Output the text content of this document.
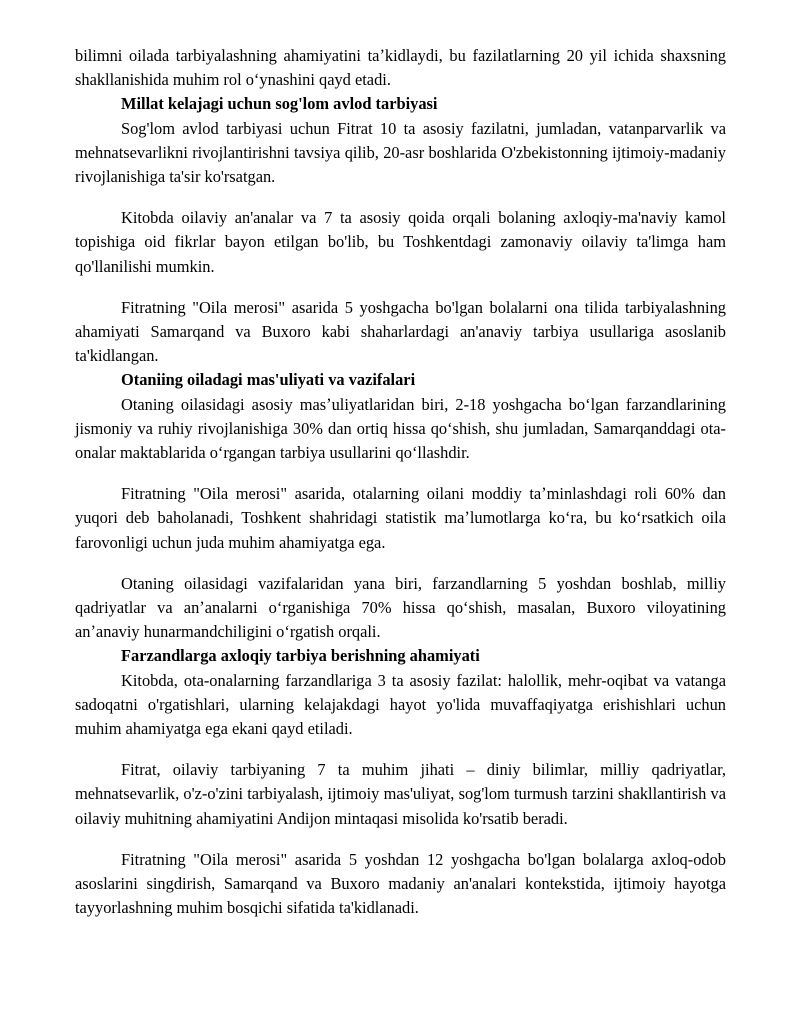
bilimni oilada tarbiyalashning ahamiyatini taʼkidlaydi, bu fazilatlarning 20 yil ichida shaxsning shakllanishida muhim rol oʻynashini qayd etadi.

Millat kelajagi uchun sog'lom avlod tarbiyasi

Sog'lom avlod tarbiyasi uchun Fitrat 10 ta asosiy fazilatni, jumladan, vatanparvarlik va mehnatsevarlikni rivojlantirishni tavsiya qilib, 20-asr boshlarida O'zbekistonning ijtimoiy-madaniy rivojlanishiga ta'sir ko'rsatgan.

Kitobda oilaviy an'analar va 7 ta asosiy qoida orqali bolaning axloqiy-ma'naviy kamol topishiga oid fikrlar bayon etilgan bo'lib, bu Toshkentdagi zamonaviy oilaviy ta'limga ham qo'llanilishi mumkin.

Fitratning "Oila merosi" asarida 5 yoshgacha bo'lgan bolalarni ona tilida tarbiyalashning ahamiyati Samarqand va Buxoro kabi shaharlardagi an'anaviy tarbiya usullariga asoslanib ta'kidlangan.

Otaniing oiladagi mas'uliyati va vazifalari

Otaning oilasidagi asosiy masʼuliyatlaridan biri, 2-18 yoshgacha boʻlgan farzandlarining jismoniy va ruhiy rivojlanishiga 30% dan ortiq hissa qoʻshish, shu jumladan, Samarqanddagi ota-onalar maktablarida oʻrgangan tarbiya usullarini qoʻllashdir.

Fitratning "Oila merosi" asarida, otalarning oilani moddiy taʼminlashdagi roli 60% dan yuqori deb baholanadi, Toshkent shahridagi statistik maʼlumotlarga koʻra, bu koʻrsatkich oila farovonligi uchun juda muhim ahamiyatga ega.

Otaning oilasidagi vazifalaridan yana biri, farzandlarning 5 yoshdan boshlab, milliy qadriyatlar va anʼanalarni oʻrganishiga 70% hissa qoʻshish, masalan, Buxoro viloyatining anʼanaviy hunarmandchiligini oʻrgatish orqali.

Farzandlarga axloqiy tarbiya berishning ahamiyati

Kitobda, ota-onalarning farzandlariga 3 ta asosiy fazilat: halollik, mehr-oqibat va vatanga sadoqatni o'rgatishlari, ularning kelajakdagi hayot yo'lida muvaffaqiyatga erishishlari uchun muhim ahamiyatga ega ekani qayd etiladi.

Fitrat, oilaviy tarbiyaning 7 ta muhim jihati – diniy bilimlar, milliy qadriyatlar, mehnatsevarlik, o'z-o'zini tarbiyalash, ijtimoiy mas'uliyat, sog'lom turmush tarzini shakllantirish va oilaviy muhitning ahamiyatini Andijon mintaqasi misolida ko'rsatib beradi.

Fitratning "Oila merosi" asarida 5 yoshdan 12 yoshgacha bo'lgan bolalarga axloq-odob asoslarini singdirish, Samarqand va Buxoro madaniy an'analari kontekstida, ijtimoiy hayotga tayyorlashning muhim bosqichi sifatida ta'kidlanadi.
